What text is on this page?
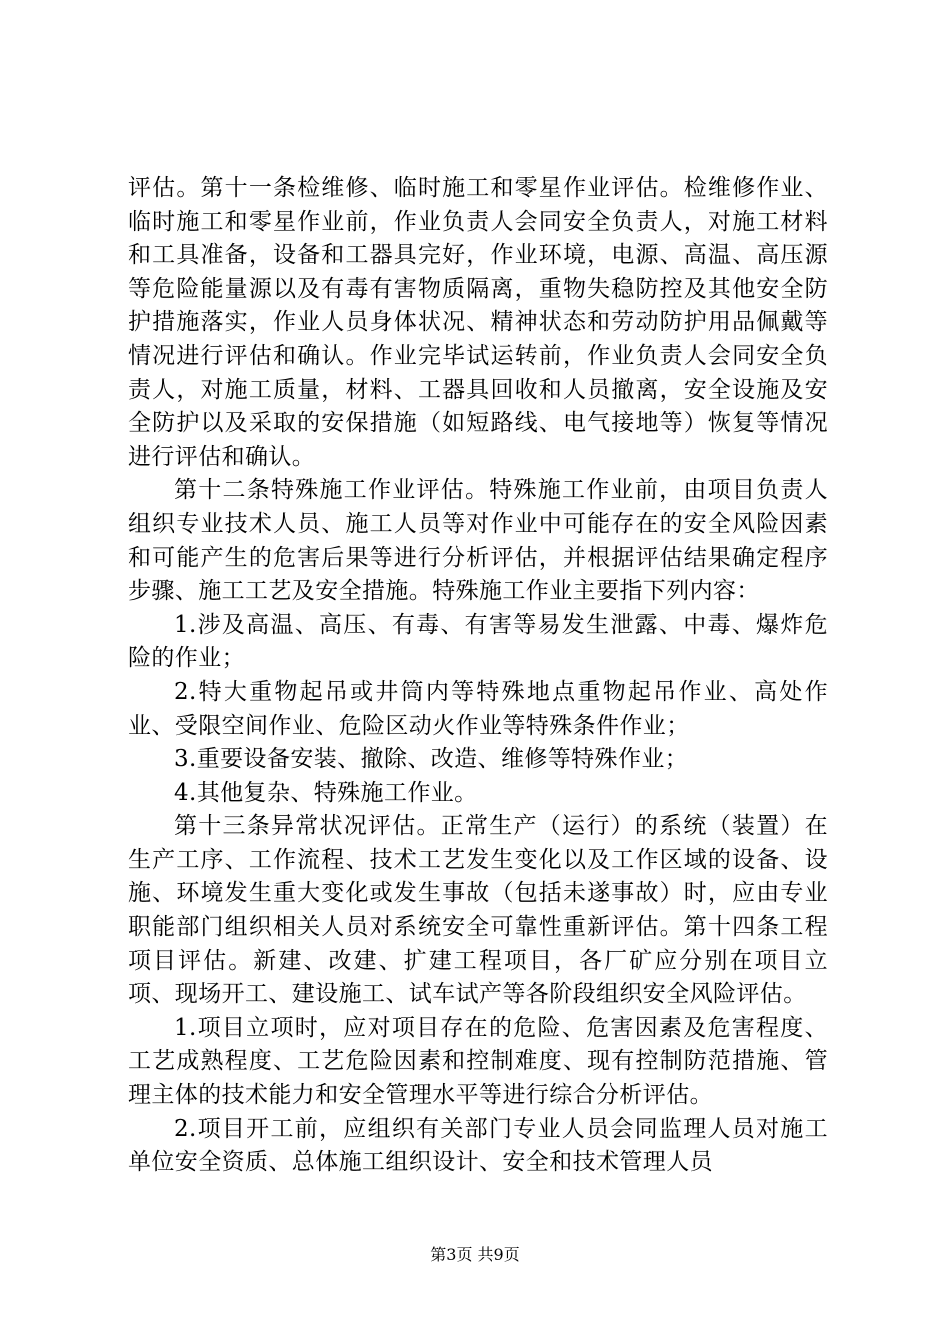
评估。第十一条检维修、临时施工和零星作业评估。检维修作业、临时施工和零星作业前，作业负责人会同安全负责人，对施工材料和工具准备，设备和工器具完好，作业环境，电源、高温、高压源等危险能量源以及有毒有害物质隔离，重物失稳防控及其他安全防护措施落实，作业人员身体状况、精神状态和劳动防护用品佩戴等情况进行评估和确认。作业完毕试运转前，作业负责人会同安全负责人，对施工质量，材料、工器具回收和人员撤离，安全设施及安全防护以及采取的安保措施（如短路线、电气接地等）恢复等情况进行评估和确认。

第十二条特殊施工作业评估。特殊施工作业前，由项目负责人组织专业技术人员、施工人员等对作业中可能存在的安全风险因素和可能产生的危害后果等进行分析评估，并根据评估结果确定程序步骤、施工工艺及安全措施。特殊施工作业主要指下列内容：

1.涉及高温、高压、有毒、有害等易发生泄露、中毒、爆炸危险的作业；

2.特大重物起吊或井筒内等特殊地点重物起吊作业、高处作业、受限空间作业、危险区动火作业等特殊条件作业；

3.重要设备安装、撤除、改造、维修等特殊作业；

4.其他复杂、特殊施工作业。

第十三条异常状况评估。正常生产（运行）的系统（装置）在生产工序、工作流程、技术工艺发生变化以及工作区域的设备、设施、环境发生重大变化或发生事故（包括未遂事故）时，应由专业职能部门组织相关人员对系统安全可靠性重新评估。第十四条工程项目评估。新建、改建、扩建工程项目，各厂矿应分别在项目立项、现场开工、建设施工、试车试产等各阶段组织安全风险评估。

1.项目立项时，应对项目存在的危险、危害因素及危害程度、工艺成熟程度、工艺危险因素和控制难度、现有控制防范措施、管理主体的技术能力和安全管理水平等进行综合分析评估。

2.项目开工前，应组织有关部门专业人员会同监理人员对施工单位安全资质、总体施工组织设计、安全和技术管理人员

第3页 共9页
